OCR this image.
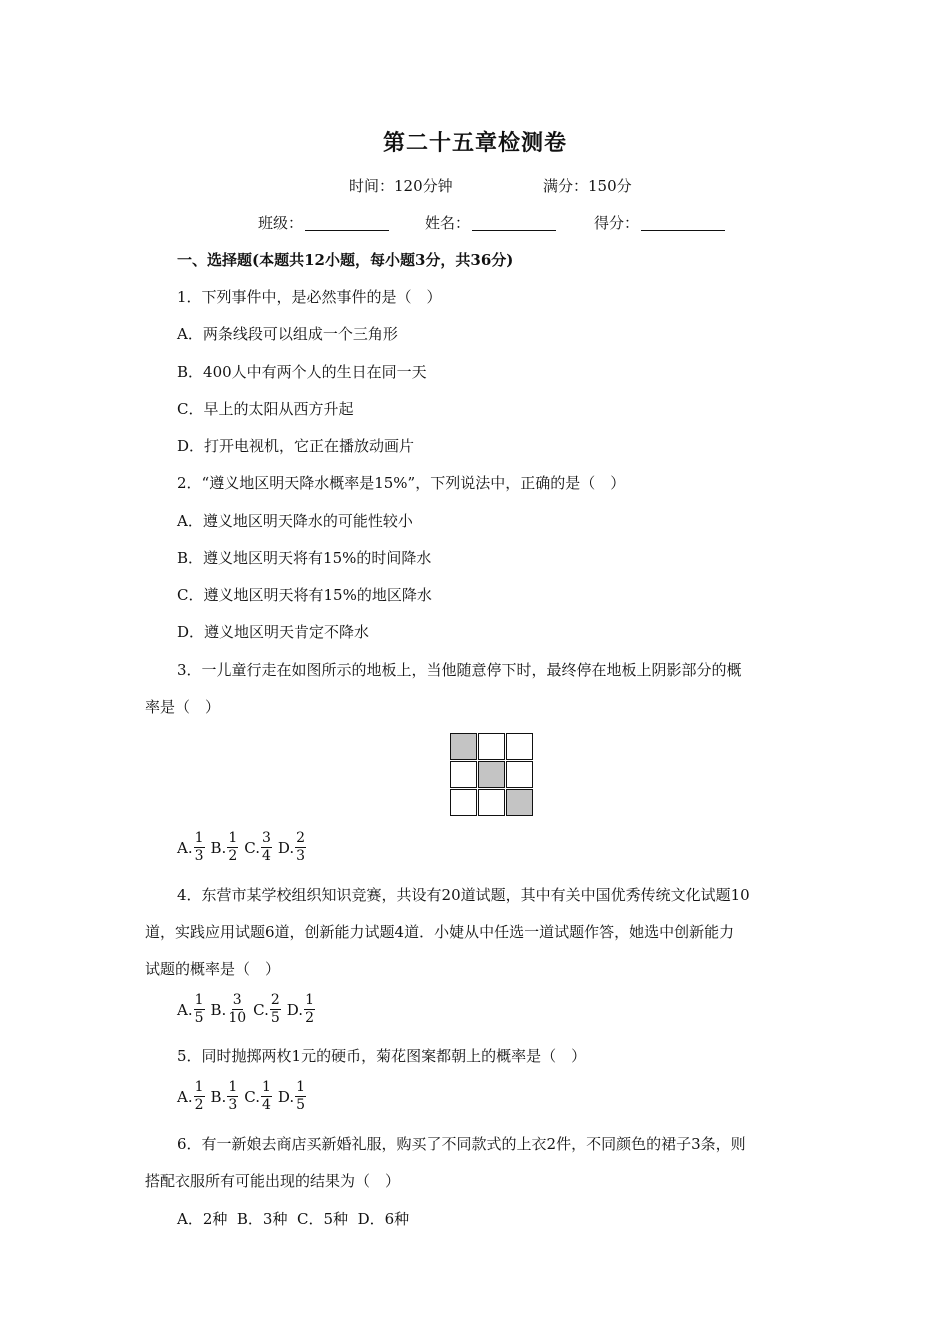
第二十五章检测卷
时间：120分钟	满分：150分
班级：	姓名：	得分：
一、选择题(本题共12小题，每小题3分，共36分)
1．下列事件中，是必然事件的是（　）
A．两条线段可以组成一个三角形
B．400人中有两个人的生日在同一天
C．早上的太阳从西方升起
D．打开电视机，它正在播放动画片
2．“遵义地区明天降水概率是15%”，下列说法中，正确的是（　）
A．遵义地区明天降水的可能性较小
B．遵义地区明天将有15%的时间降水
C．遵义地区明天将有15%的地区降水
D．遵义地区明天肯定不降水
3．一儿童行走在如图所示的地板上，当他随意停下时，最终停在地板上阴影部分的概
率是（　）
A. $\frac{1}{3} B$. $\frac{1}{2} C$. $\frac{3}{4} D$. $\frac{2}{3}$
4．东营市某学校组织知识竞赛，共设有20道试题，其中有关中国优秀传统文化试题10
道，实践应用试题6道，创新能力试题4道．小婕从中任选一道试题作答，她选中创新能力
试题的概率是（　）
A. $\frac{1}{5} B$. $\frac{3}{10} C$. $\frac{2}{5} D$. $\frac{1}{2}$
5．同时抛掷两枚1元的硬币，菊花图案都朝上的概率是（　）
A. $\frac{1}{2} B$. $\frac{1}{3} C$. $\frac{1}{4} D$. $\frac{1}{5}$
6．有一新娘去商店买新婚礼服，购买了不同款式的上衣2件，不同颜色的裙子3条，则
搭配衣服所有可能出现的结果为（　）
A．2种  B．3种  C．5种  D．6种
